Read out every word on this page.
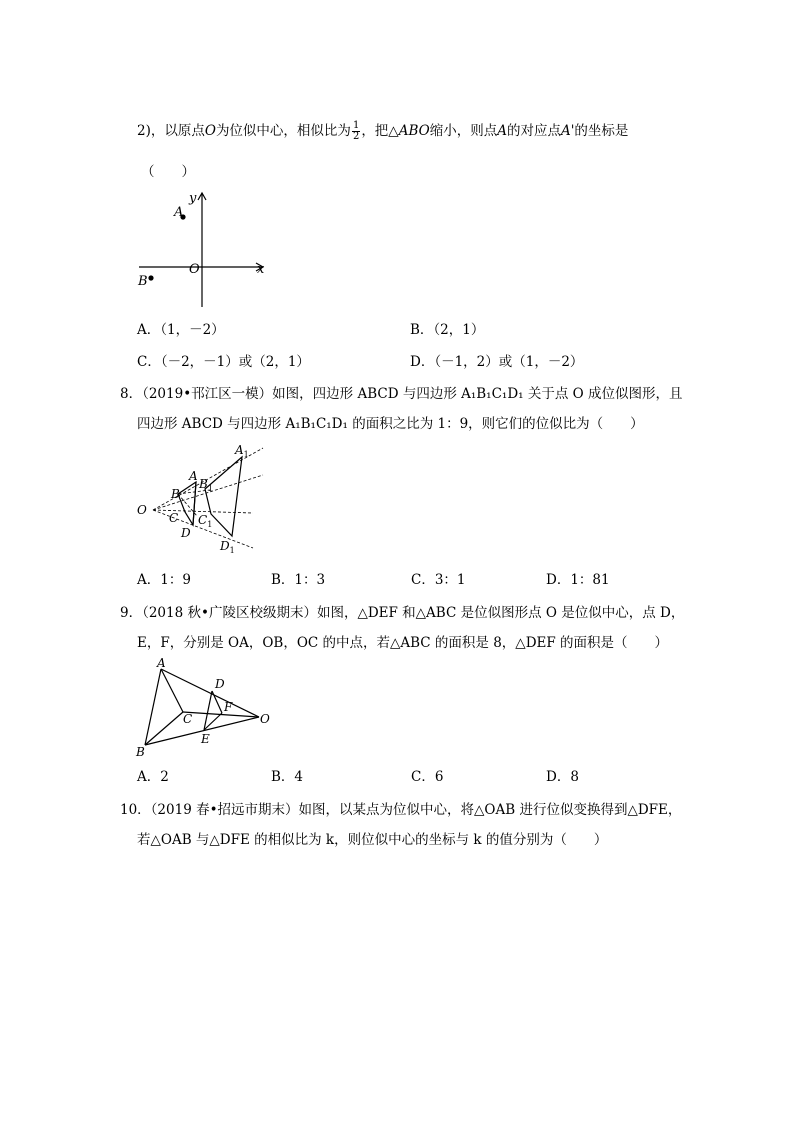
2)，以原点O为位似中心，相似比为 $\frac{1}{2}$ ，把△ABO缩小，则点A的对应点A'的坐标是
（　　）
A
B
O	x
y
A．（1，－2）	B．（2，1）
C．（－2，－1）或（2，1）	D．（－1，2）或（1，－2）
8．（2019•邗江区一模）如图，四边形 ABCD 与四边形 A₁B₁C₁D₁ 关于点 O 成位似图形，且
四边形 ABCD 与四边形 A₁B₁C₁D₁ 的面积之比为 1：9，则它们的位似比为（　　）
O
A
B
C
D
$A_1$
$B_1$
$C_1$
$D_1$
A．1：9	B．1：3	C．3：1	D．1：81
9．（2018 秋•广陵区校级期末）如图，△DEF 和△ABC 是位似图形点 O 是位似中心，点 D，
E，F，分别是 OA，OB，OC 的中点，若△ABC 的面积是 8，△DEF 的面积是（　　）
A
B
C
D
E
F
O
A．2	B．4	C．6	D．8
10．（2019 春•招远市期末）如图，以某点为位似中心，将△OAB 进行位似变换得到△DFE，
若△OAB 与△DFE 的相似比为 k，则位似中心的坐标与 k 的值分别为（　　）
